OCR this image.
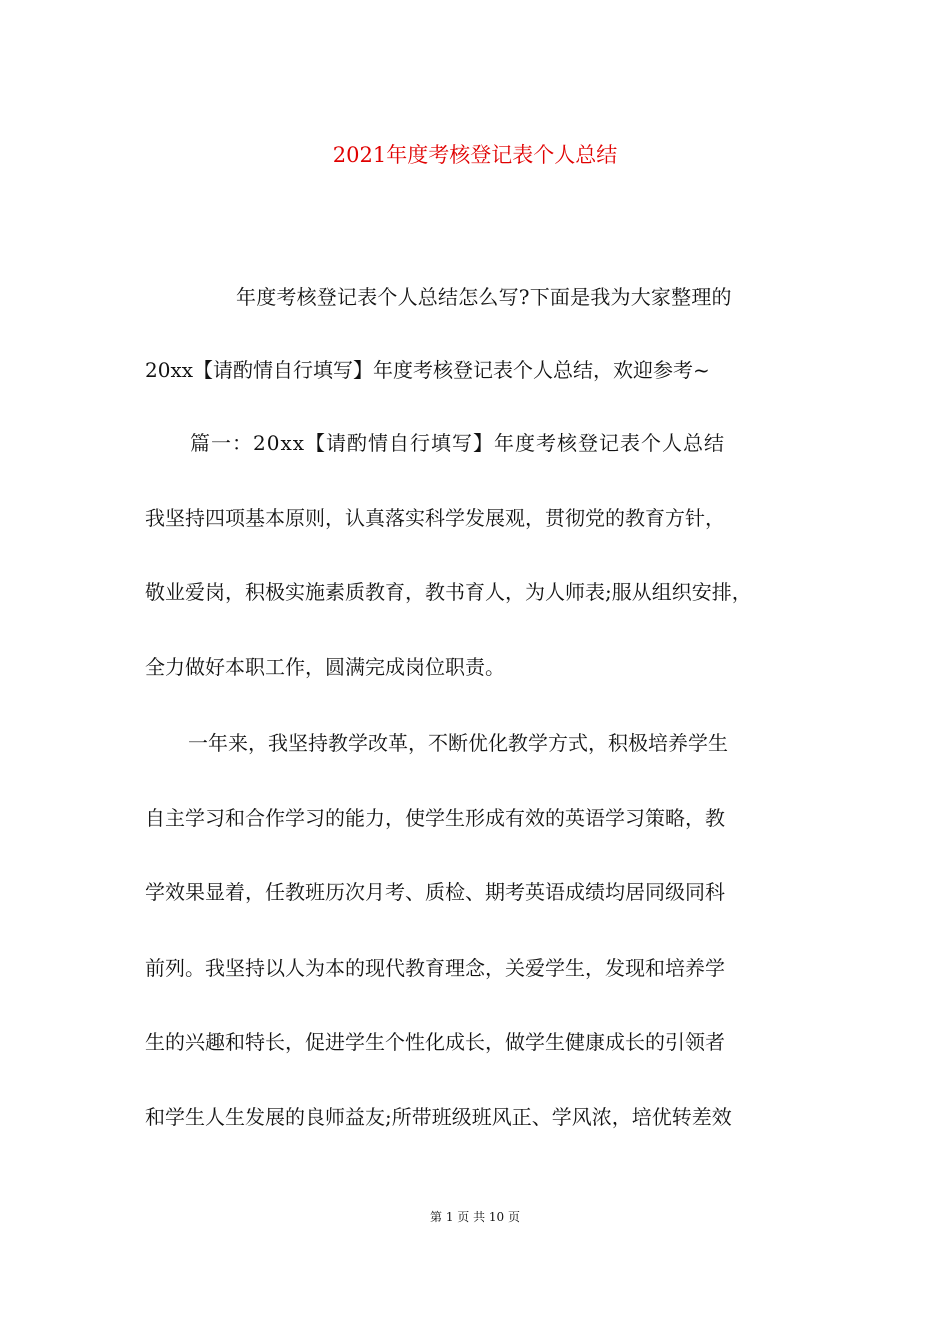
2021年度考核登记表个人总结

年度考核登记表个人总结怎么写?下面是我为大家整理的

20xx【请酌情自行填写】年度考核登记表个人总结，欢迎参考~

篇一：20xx【请酌情自行填写】年度考核登记表个人总结

我坚持四项基本原则，认真落实科学发展观，贯彻党的教育方针，

敬业爱岗，积极实施素质教育，教书育人，为人师表;服从组织安排，

全力做好本职工作，圆满完成岗位职责。

一年来，我坚持教学改革，不断优化教学方式，积极培养学生

自主学习和合作学习的能力，使学生形成有效的英语学习策略，教

学效果显着，任教班历次月考、质检、期考英语成绩均居同级同科

前列。我坚持以人为本的现代教育理念，关爱学生，发现和培养学

生的兴趣和特长，促进学生个性化成长，做学生健康成长的引领者

和学生人生发展的良师益友;所带班级班风正、学风浓，培优转差效

第 1 页 共 10 页
